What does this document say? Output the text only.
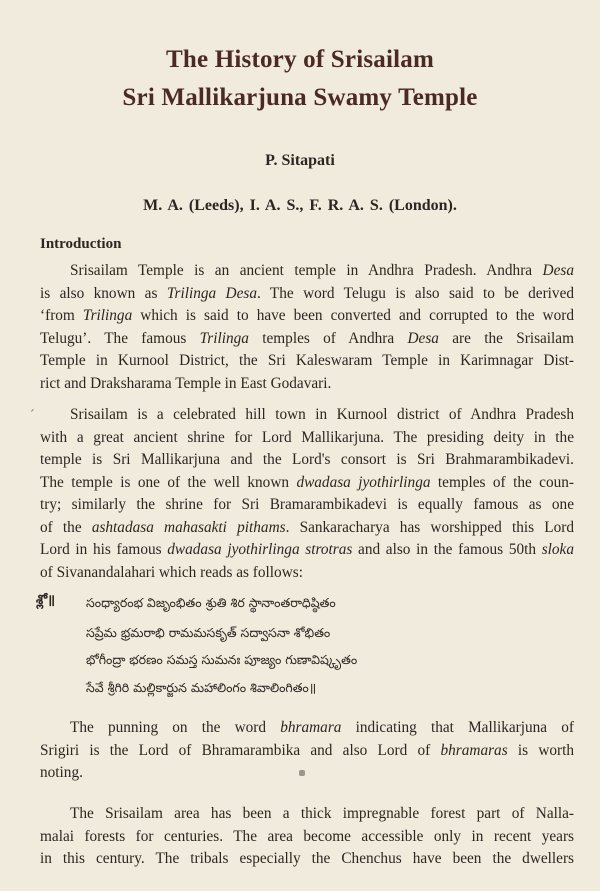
The History of Srisailam
Sri Mallikarjuna Swamy Temple
P. Sitapati
M. A. (Leeds), I. A. S., F. R. A. S. (London).
Introduction
Srisailam Temple is an ancient temple in Andhra Pradesh. Andhra Desa
is also known as Trilinga Desa. The word Telugu is also said to be derived
‘from Trilinga which is said to have been converted and corrupted to the word
Telugu’. The famous Trilinga temples of Andhra Desa are the Srisailam
Temple in Kurnool District, the Sri Kaleswaram Temple in Karimnagar Dist-
rict and Draksharama Temple in East Godavari.
ˊ	Srisailam is a celebrated hill town in Kurnool district of Andhra Pradesh
with a great ancient shrine for Lord Mallikarjuna. The presiding deity in the
temple is Sri Mallikarjuna and the Lord's consort is Sri Brahmarambikadevi.
The temple is one of the well known dwadasa jyothirlinga temples of the coun-
try; similarly the shrine for Sri Bramarambikadevi is equally famous as one
of the ashtadasa mahasakti pithams. Sankaracharya has worshipped this Lord
Lord in his famous dwadasa jyothirlinga strotras and also in the famous 50th sloka
of Sivanandalahari which reads as follows:
శ్లో॥ సంధ్యారంభ విజృంభితం శ్రుతి శిర స్థానాంతరాధిష్ఠితం
సప్రేమ భ్రమరాభి రామమసకృత్ సద్వాసనా శోభితం
భోగీంద్రా భరణం సమస్త సుమనః పూజ్యం గుణావిష్కృతం
సేవే శ్రీగిరి మల్లికార్జున మహాలింగం శివాలింగితం॥
The punning on the word bhramara indicating that Mallikarjuna of
Srigiri is the Lord of Bhramarambika and also Lord of bhramaras is worth
noting.
The Srisailam area has been a thick impregnable forest part of Nalla-
malai forests for centuries. The area become accessible only in recent years
in this century. The tribals especially the Chenchus have been the dwellers
